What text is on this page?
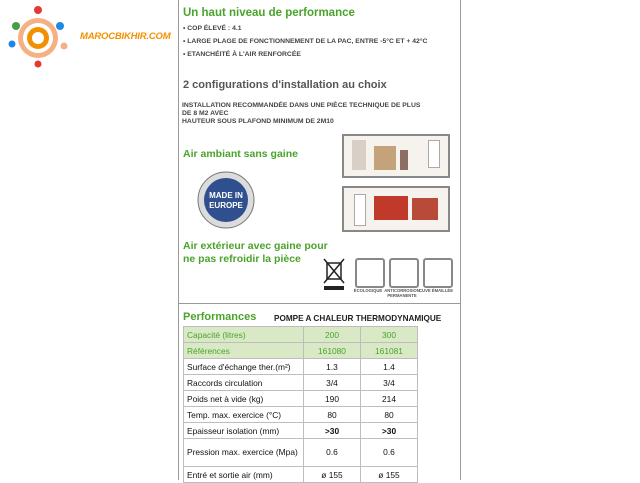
MAROCBIKHIR.COM
Un haut niveau de performance
• COP ÉLEVÉ : 4.1
• LARGE PLAGE DE FONCTIONNEMENT DE LA PAC, ENTRE -5°C ET + 42°C
• ETANCHÉITÉ À L'AIR RENFORCÉE
2 configurations d'installation au choix
INSTALLATION RECOMMANDÉE DANS UNE PIÈCE TECHNIQUE DE PLUS
DE 8 M2 AVEC
HAUTEUR SOUS PLAFOND MINIMUM DE 2M10
Air ambiant sans gaine
MADE IN
EUROPE
Air extérieur avec gaine pour
ne pas refroidir la pièce
ÉCOLOGIQUE ANTICORROSION PERMANENTE
CUVE ÉMAILLÉE
Performances POMPE A CHALEUR THERMODYNAMIQUE
Capacité (litres)	200	300
Références	161080	161081
Surface d'échange ther.(m²)	1.3	1.4
Raccords circulation	3/4	3/4
Poids net à vide (kg)	190	214
Temp. max. exercice (°C)	80	80
Epaisseur isolation (mm)	>30	>30
Pression max. exercice (Mpa)	0.6	0.6
Entré et sortie air (mm)	ø 155	ø 155
